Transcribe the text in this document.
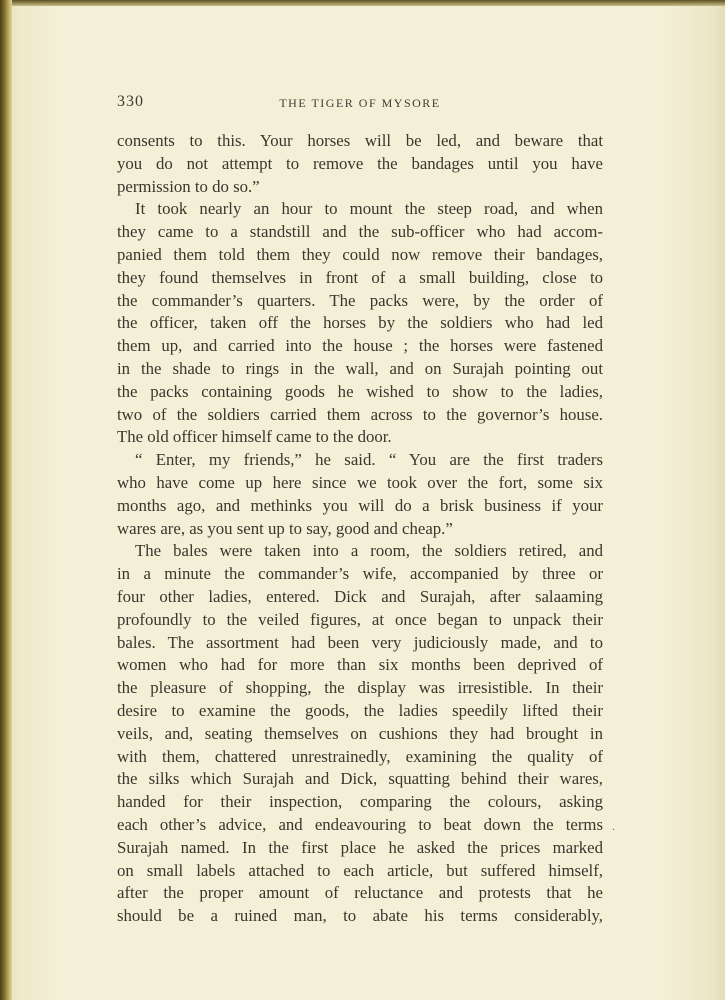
330	THE TIGER OF MYSORE
consents to this. Your horses will be led, and beware that
you do not attempt to remove the bandages until you have
permission to do so.”
It took nearly an hour to mount the steep road, and when
they came to a standstill and the sub-officer who had accom-
panied them told them they could now remove their bandages,
they found themselves in front of a small building, close to
the commander’s quarters. The packs were, by the order of
the officer, taken off the horses by the soldiers who had led
them up, and carried into the house ; the horses were fastened
in the shade to rings in the wall, and on Surajah pointing out
the packs containing goods he wished to show to the ladies,
two of the soldiers carried them across to the governor’s house.
The old officer himself came to the door.
“ Enter, my friends,” he said. “ You are the first traders
who have come up here since we took over the fort, some six
months ago, and methinks you will do a brisk business if your
wares are, as you sent up to say, good and cheap.”
The bales were taken into a room, the soldiers retired, and
in a minute the commander’s wife, accompanied by three or
four other ladies, entered. Dick and Surajah, after salaaming
profoundly to the veiled figures, at once began to unpack their
bales. The assortment had been very judiciously made, and to
women who had for more than six months been deprived of
the pleasure of shopping, the display was irresistible. In their
desire to examine the goods, the ladies speedily lifted their
veils, and, seating themselves on cushions they had brought in
with them, chattered unrestrainedly, examining the quality of
the silks which Surajah and Dick, squatting behind their wares,
handed for their inspection, comparing the colours, asking
each other’s advice, and endeavouring to beat down the terms
Surajah named. In the first place he asked the prices marked
on small labels attached to each article, but suffered himself,
after the proper amount of reluctance and protests that he
should be a ruined man, to abate his terms considerably,
·
